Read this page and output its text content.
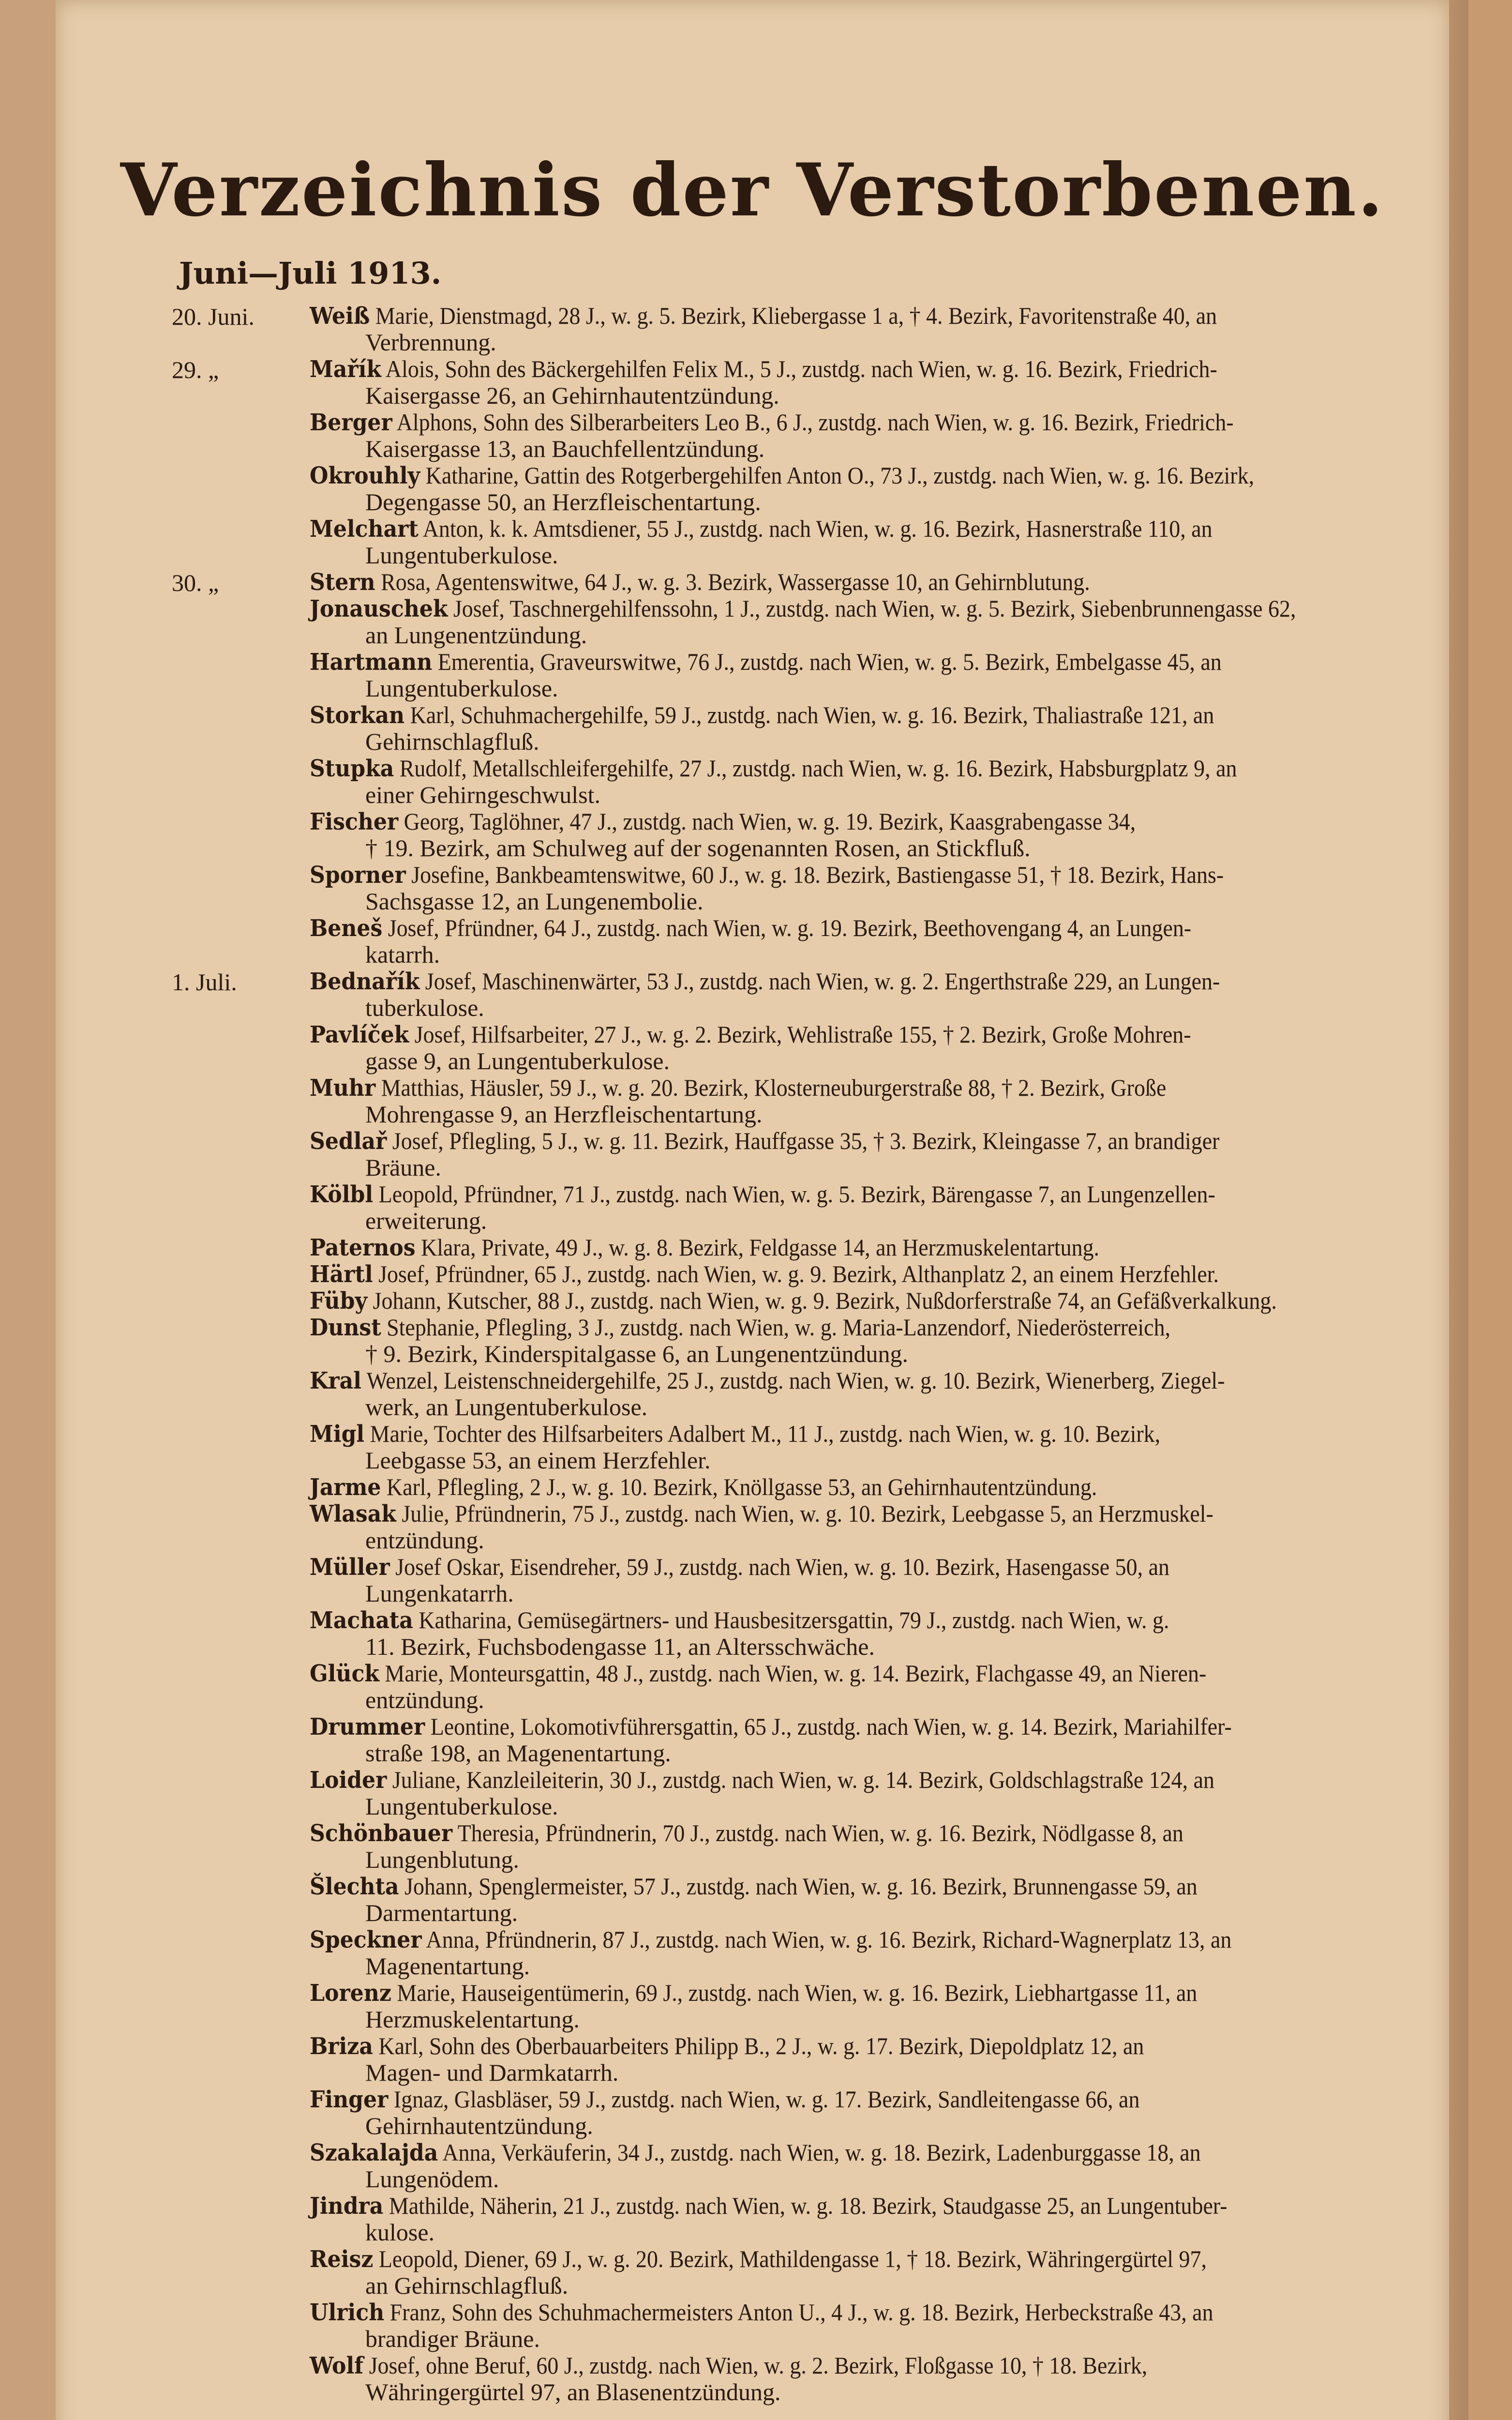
Verzeichnis der Verstorbenen.
Juni—Juli 1913.
20. Juni. Weiß Marie, Dienstmagd, 28 J., w. g. 5. Bezirk, Kliebergasse 1 a, † 4. Bezirk, Favoritenstraße 40, an
Verbrennung.
29. „	Mařík Alois, Sohn des Bäckergehilfen Felix M., 5 J., zustdg. nach Wien, w. g. 16. Bezirk, Friedrich-
Kaisergasse 26, an Gehirnhautentzündung.
Berger Alphons, Sohn des Silberarbeiters Leo B., 6 J., zustdg. nach Wien, w. g. 16. Bezirk, Friedrich-
Kaisergasse 13, an Bauchfellentzündung.
Okrouhly Katharine, Gattin des Rotgerbergehilfen Anton O., 73 J., zustdg. nach Wien, w. g. 16. Bezirk,
Degengasse 50, an Herzfleischentartung.
Melchart Anton, k. k. Amtsdiener, 55 J., zustdg. nach Wien, w. g. 16. Bezirk, Hasnerstraße 110, an
Lungentuberkulose.
30. „	Stern Rosa, Agentenswitwe, 64 J., w. g. 3. Bezirk, Wassergasse 10, an Gehirnblutung.
Jonauschek Josef, Taschnergehilfenssohn, 1 J., zustdg. nach Wien, w. g. 5. Bezirk, Siebenbrunnengasse 62,
an Lungenentzündung.
Hartmann Emerentia, Graveurswitwe, 76 J., zustdg. nach Wien, w. g. 5. Bezirk, Embelgasse 45, an
Lungentuberkulose.
Storkan Karl, Schuhmachergehilfe, 59 J., zustdg. nach Wien, w. g. 16. Bezirk, Thaliastraße 121, an
Gehirnschlagfluß.
Stupka Rudolf, Metallschleifergehilfe, 27 J., zustdg. nach Wien, w. g. 16. Bezirk, Habsburgplatz 9, an
einer Gehirngeschwulst.
Fischer Georg, Taglöhner, 47 J., zustdg. nach Wien, w. g. 19. Bezirk, Kaasgrabengasse 34,
† 19. Bezirk, am Schulweg auf der sogenannten Rosen, an Stickfluß.
Sporner Josefine, Bankbeamtenswitwe, 60 J., w. g. 18. Bezirk, Bastiengasse 51, † 18. Bezirk, Hans-
Sachsgasse 12, an Lungenembolie.
Beneš Josef, Pfründner, 64 J., zustdg. nach Wien, w. g. 19. Bezirk, Beethovengang 4, an Lungen-
katarrh.
1. Juli.	Bednařík Josef, Maschinenwärter, 53 J., zustdg. nach Wien, w. g. 2. Engerthstraße 229, an Lungen-
tuberkulose.
Pavlíček Josef, Hilfsarbeiter, 27 J., w. g. 2. Bezirk, Wehlistraße 155, † 2. Bezirk, Große Mohren-
gasse 9, an Lungentuberkulose.
Muhr Matthias, Häusler, 59 J., w. g. 20. Bezirk, Klosterneuburgerstraße 88, † 2. Bezirk, Große
Mohrengasse 9, an Herzfleischentartung.
Sedlař Josef, Pflegling, 5 J., w. g. 11. Bezirk, Hauffgasse 35, † 3. Bezirk, Kleingasse 7, an brandiger
Bräune.
Kölbl Leopold, Pfründner, 71 J., zustdg. nach Wien, w. g. 5. Bezirk, Bärengasse 7, an Lungenzellen-
erweiterung.
Paternos Klara, Private, 49 J., w. g. 8. Bezirk, Feldgasse 14, an Herzmuskelentartung.
Härtl Josef, Pfründner, 65 J., zustdg. nach Wien, w. g. 9. Bezirk, Althanplatz 2, an einem Herzfehler.
Füby Johann, Kutscher, 88 J., zustdg. nach Wien, w. g. 9. Bezirk, Nußdorferstraße 74, an Gefäßverkalkung.
Dunst Stephanie, Pflegling, 3 J., zustdg. nach Wien, w. g. Maria-Lanzendorf, Niederösterreich,
† 9. Bezirk, Kinderspitalgasse 6, an Lungenentzündung.
Kral Wenzel, Leistenschneidergehilfe, 25 J., zustdg. nach Wien, w. g. 10. Bezirk, Wienerberg, Ziegel-
werk, an Lungentuberkulose.
Migl Marie, Tochter des Hilfsarbeiters Adalbert M., 11 J., zustdg. nach Wien, w. g. 10. Bezirk,
Leebgasse 53, an einem Herzfehler.
Jarme Karl, Pflegling, 2 J., w. g. 10. Bezirk, Knöllgasse 53, an Gehirnhautentzündung.
Wlasak Julie, Pfründnerin, 75 J., zustdg. nach Wien, w. g. 10. Bezirk, Leebgasse 5, an Herzmuskel-
entzündung.
Müller Josef Oskar, Eisendreher, 59 J., zustdg. nach Wien, w. g. 10. Bezirk, Hasengasse 50, an
Lungenkatarrh.
Machata Katharina, Gemüsegärtners- und Hausbesitzersgattin, 79 J., zustdg. nach Wien, w. g.
11. Bezirk, Fuchsbodengasse 11, an Altersschwäche.
Glück Marie, Monteursgattin, 48 J., zustdg. nach Wien, w. g. 14. Bezirk, Flachgasse 49, an Nieren-
entzündung.
Drummer Leontine, Lokomotivführersgattin, 65 J., zustdg. nach Wien, w. g. 14. Bezirk, Mariahilfer-
straße 198, an Magenentartung.
Loider Juliane, Kanzleileiterin, 30 J., zustdg. nach Wien, w. g. 14. Bezirk, Goldschlagstraße 124, an
Lungentuberkulose.
Schönbauer Theresia, Pfründnerin, 70 J., zustdg. nach Wien, w. g. 16. Bezirk, Nödlgasse 8, an
Lungenblutung.
Šlechta Johann, Spenglermeister, 57 J., zustdg. nach Wien, w. g. 16. Bezirk, Brunnengasse 59, an
Darmentartung.
Speckner Anna, Pfründnerin, 87 J., zustdg. nach Wien, w. g. 16. Bezirk, Richard-Wagnerplatz 13, an
Magenentartung.
Lorenz Marie, Hauseigentümerin, 69 J., zustdg. nach Wien, w. g. 16. Bezirk, Liebhartgasse 11, an
Herzmuskelentartung.
Briza Karl, Sohn des Oberbauarbeiters Philipp B., 2 J., w. g. 17. Bezirk, Diepoldplatz 12, an
Magen- und Darmkatarrh.
Finger Ignaz, Glasbläser, 59 J., zustdg. nach Wien, w. g. 17. Bezirk, Sandleitengasse 66, an
Gehirnhautentzündung.
Szakalajda Anna, Verkäuferin, 34 J., zustdg. nach Wien, w. g. 18. Bezirk, Ladenburggasse 18, an
Lungenödem.
Jindra Mathilde, Näherin, 21 J., zustdg. nach Wien, w. g. 18. Bezirk, Staudgasse 25, an Lungentuber-
kulose.
Reisz Leopold, Diener, 69 J., w. g. 20. Bezirk, Mathildengasse 1, † 18. Bezirk, Währingergürtel 97,
an Gehirnschlagfluß.
Ulrich Franz, Sohn des Schuhmachermeisters Anton U., 4 J., w. g. 18. Bezirk, Herbeckstraße 43, an
brandiger Bräune.
Wolf Josef, ohne Beruf, 60 J., zustdg. nach Wien, w. g. 2. Bezirk, Floßgasse 10, † 18. Bezirk,
Währingergürtel 97, an Blasenentzündung.
